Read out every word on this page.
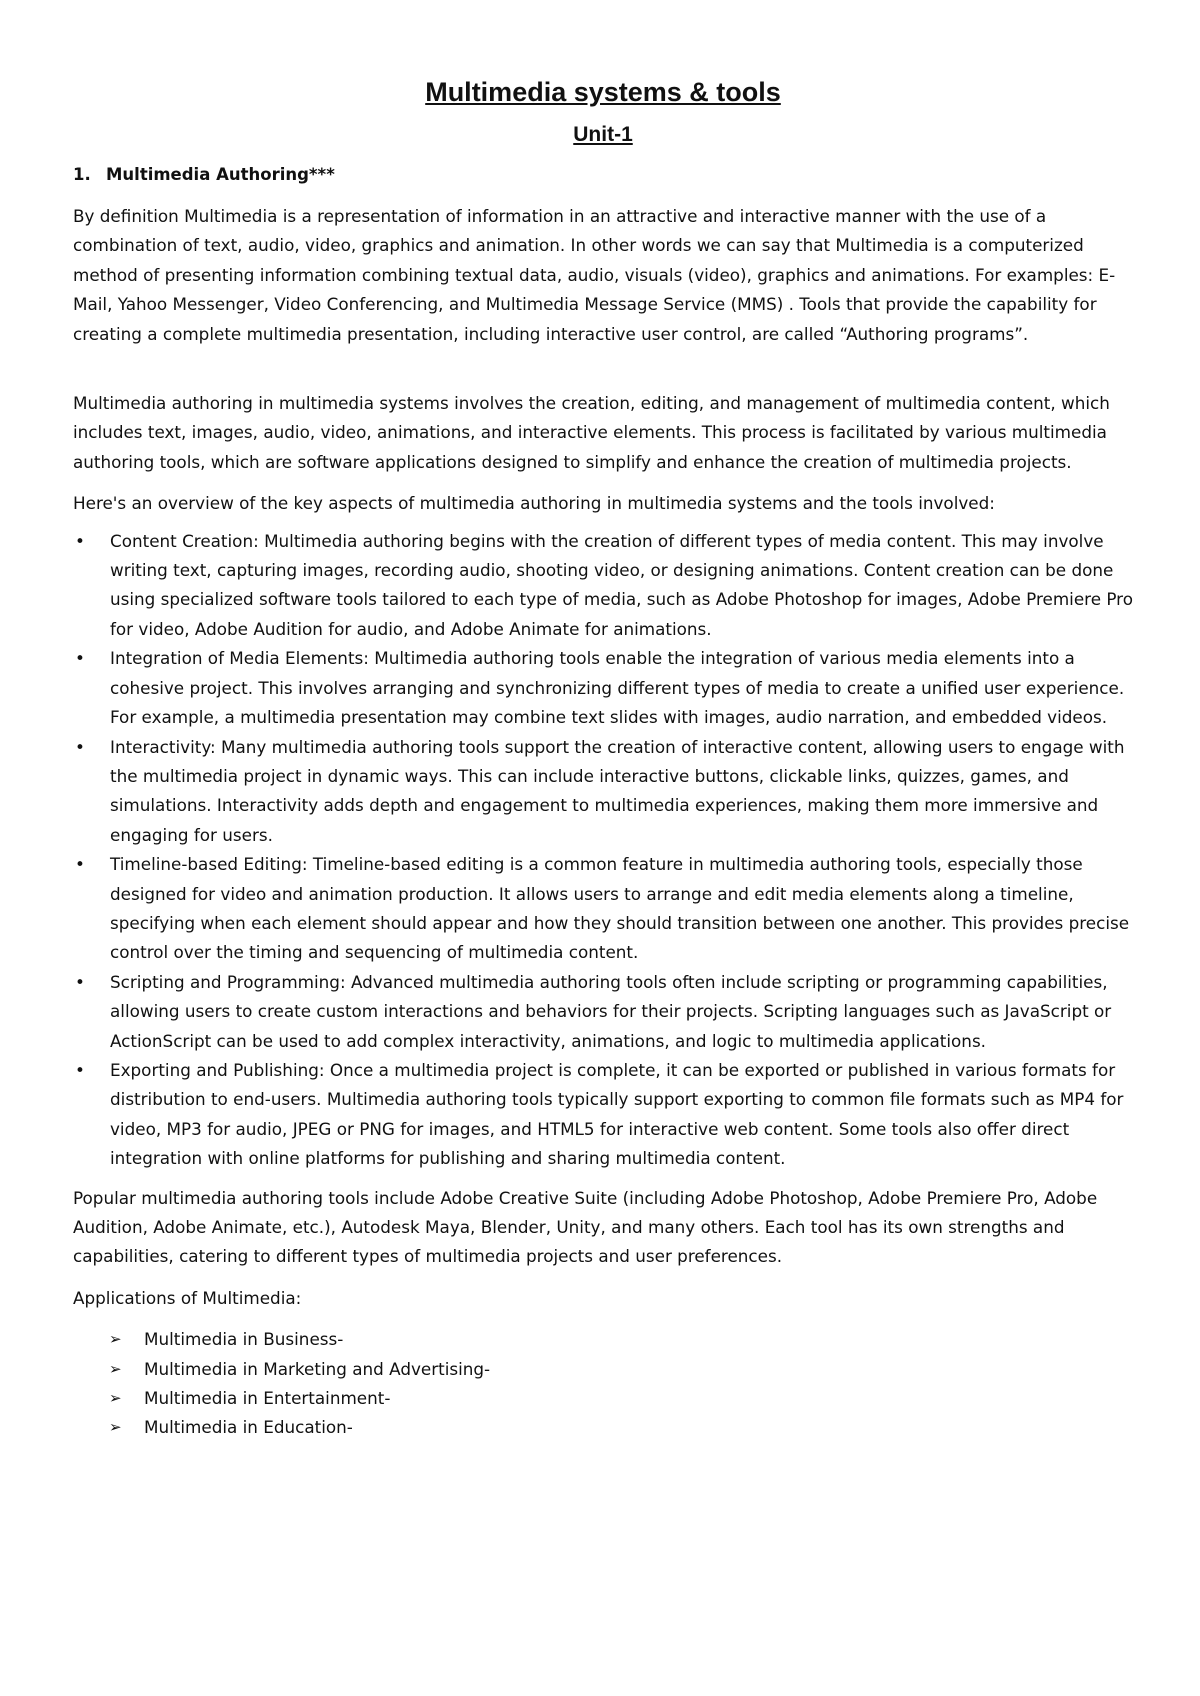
Multimedia systems & tools
Unit-1
1. Multimedia Authoring***

By definition Multimedia is a representation of information in an attractive and interactive manner with the use of a combination of text, audio, video, graphics and animation. In other words we can say that Multimedia is a computerized method of presenting information combining textual data, audio, visuals (video), graphics and animations. For examples: E-Mail, Yahoo Messenger, Video Conferencing, and Multimedia Message Service (MMS) . Tools that provide the capability for creating a complete multimedia presentation, including interactive user control, are called “Authoring programs”.

Multimedia authoring in multimedia systems involves the creation, editing, and management of multimedia content, which includes text, images, audio, video, animations, and interactive elements. This process is facilitated by various multimedia authoring tools, which are software applications designed to simplify and enhance the creation of multimedia projects.

Here's an overview of the key aspects of multimedia authoring in multimedia systems and the tools involved:

• Content Creation: Multimedia authoring begins with the creation of different types of media content. This may involve writing text, capturing images, recording audio, shooting video, or designing animations. Content creation can be done using specialized software tools tailored to each type of media, such as Adobe Photoshop for images, Adobe Premiere Pro for video, Adobe Audition for audio, and Adobe Animate for animations.
• Integration of Media Elements: Multimedia authoring tools enable the integration of various media elements into a cohesive project. This involves arranging and synchronizing different types of media to create a unified user experience. For example, a multimedia presentation may combine text slides with images, audio narration, and embedded videos.
• Interactivity: Many multimedia authoring tools support the creation of interactive content, allowing users to engage with the multimedia project in dynamic ways. This can include interactive buttons, clickable links, quizzes, games, and simulations. Interactivity adds depth and engagement to multimedia experiences, making them more immersive and engaging for users.
• Timeline-based Editing: Timeline-based editing is a common feature in multimedia authoring tools, especially those designed for video and animation production. It allows users to arrange and edit media elements along a timeline, specifying when each element should appear and how they should transition between one another. This provides precise control over the timing and sequencing of multimedia content.
• Scripting and Programming: Advanced multimedia authoring tools often include scripting or programming capabilities, allowing users to create custom interactions and behaviors for their projects. Scripting languages such as JavaScript or ActionScript can be used to add complex interactivity, animations, and logic to multimedia applications.
• Exporting and Publishing: Once a multimedia project is complete, it can be exported or published in various formats for distribution to end-users. Multimedia authoring tools typically support exporting to common file formats such as MP4 for video, MP3 for audio, JPEG or PNG for images, and HTML5 for interactive web content. Some tools also offer direct integration with online platforms for publishing and sharing multimedia content.

Popular multimedia authoring tools include Adobe Creative Suite (including Adobe Photoshop, Adobe Premiere Pro, Adobe Audition, Adobe Animate, etc.), Autodesk Maya, Blender, Unity, and many others. Each tool has its own strengths and capabilities, catering to different types of multimedia projects and user preferences.

Applications of Multimedia:

➢ Multimedia in Business-
➢ Multimedia in Marketing and Advertising-
➢ Multimedia in Entertainment-
➢ Multimedia in Education-
